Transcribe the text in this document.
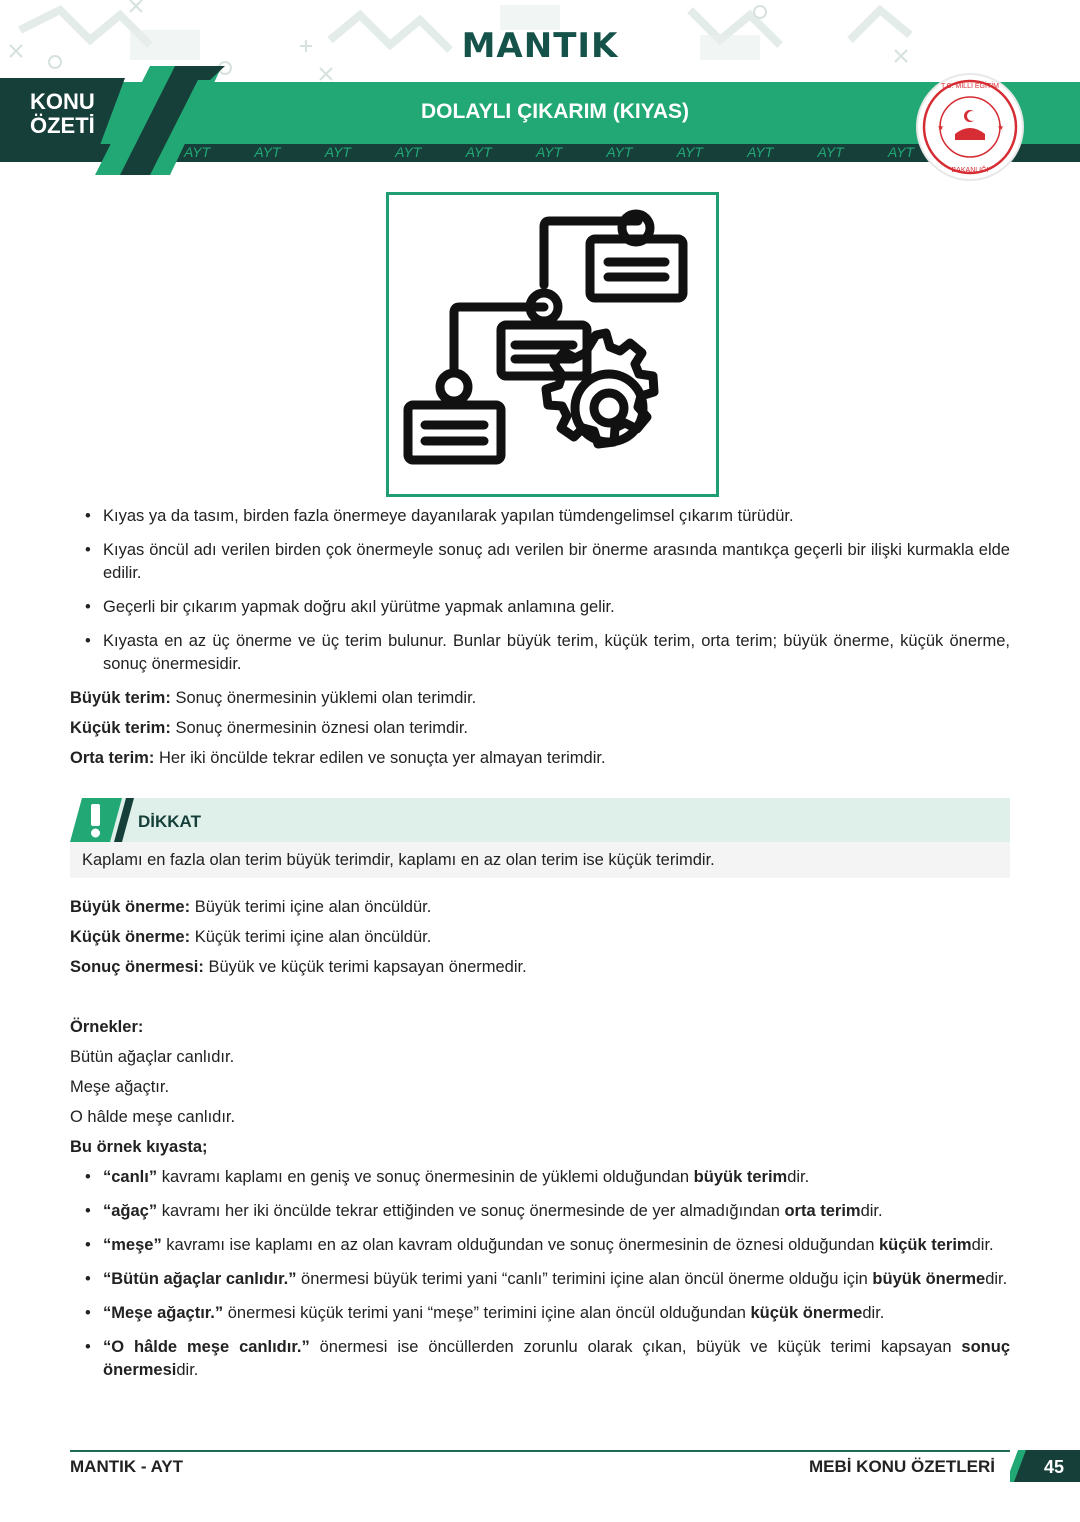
MANTIK
KONU
ÖZETİ
DOLAYLI ÇIKARIM (KIYAS)
AYT	AYT	AYT	AYT	AYT	AYT	AYT	AYT	AYT	AYT	AYT
T.C. MİLLÎ EĞİTİM
BAKANLIĞI
★	★
• Kıyas ya da tasım, birden fazla önermeye dayanılarak yapılan tümdengelimsel çıkarım türüdür.
• Kıyas öncül adı verilen birden çok önermeyle sonuç adı verilen bir önerme arasında mantıkça geçerli bir ilişki kurmakla elde edilir.
• Geçerli bir çıkarım yapmak doğru akıl yürütme yapmak anlamına gelir.
• Kıyasta en az üç önerme ve üç terim bulunur. Bunlar büyük terim, küçük terim, orta terim; büyük önerme, küçük önerme, sonuç önermesidir.
Büyük terim: Sonuç önermesinin yüklemi olan terimdir.
Küçük terim: Sonuç önermesinin öznesi olan terimdir.
Orta terim: Her iki öncülde tekrar edilen ve sonuçta yer almayan terimdir.
DİKKAT
Kaplamı en fazla olan terim büyük terimdir, kaplamı en az olan terim ise küçük terimdir.
Büyük önerme: Büyük terimi içine alan öncüldür.
Küçük önerme: Küçük terimi içine alan öncüldür.
Sonuç önermesi: Büyük ve küçük terimi kapsayan önermedir.
Örnekler:
Bütün ağaçlar canlıdır.
Meşe ağaçtır.
O hâlde meşe canlıdır.
Bu örnek kıyasta;
• “canlı” kavramı kaplamı en geniş ve sonuç önermesinin de yüklemi olduğundan büyük terimdir.
• “ağaç” kavramı her iki öncülde tekrar ettiğinden ve sonuç önermesinde de yer almadığından orta terimdir.
• “meşe” kavramı ise kaplamı en az olan kavram olduğundan ve sonuç önermesinin de öznesi olduğundan küçük terimdir.
• “Bütün ağaçlar canlıdır.” önermesi büyük terimi yani “canlı” terimini içine alan öncül önerme olduğu için büyük önermedir.
• “Meşe ağaçtır.” önermesi küçük terimi yani “meşe” terimini içine alan öncül olduğundan küçük önermedir.
• “O hâlde meşe canlıdır.” önermesi ise öncüllerden zorunlu olarak çıkan, büyük ve küçük terimi kapsayan sonuç önermesidir.
MANTIK - AYT	MEBİ KONU ÖZETLERİ	45
